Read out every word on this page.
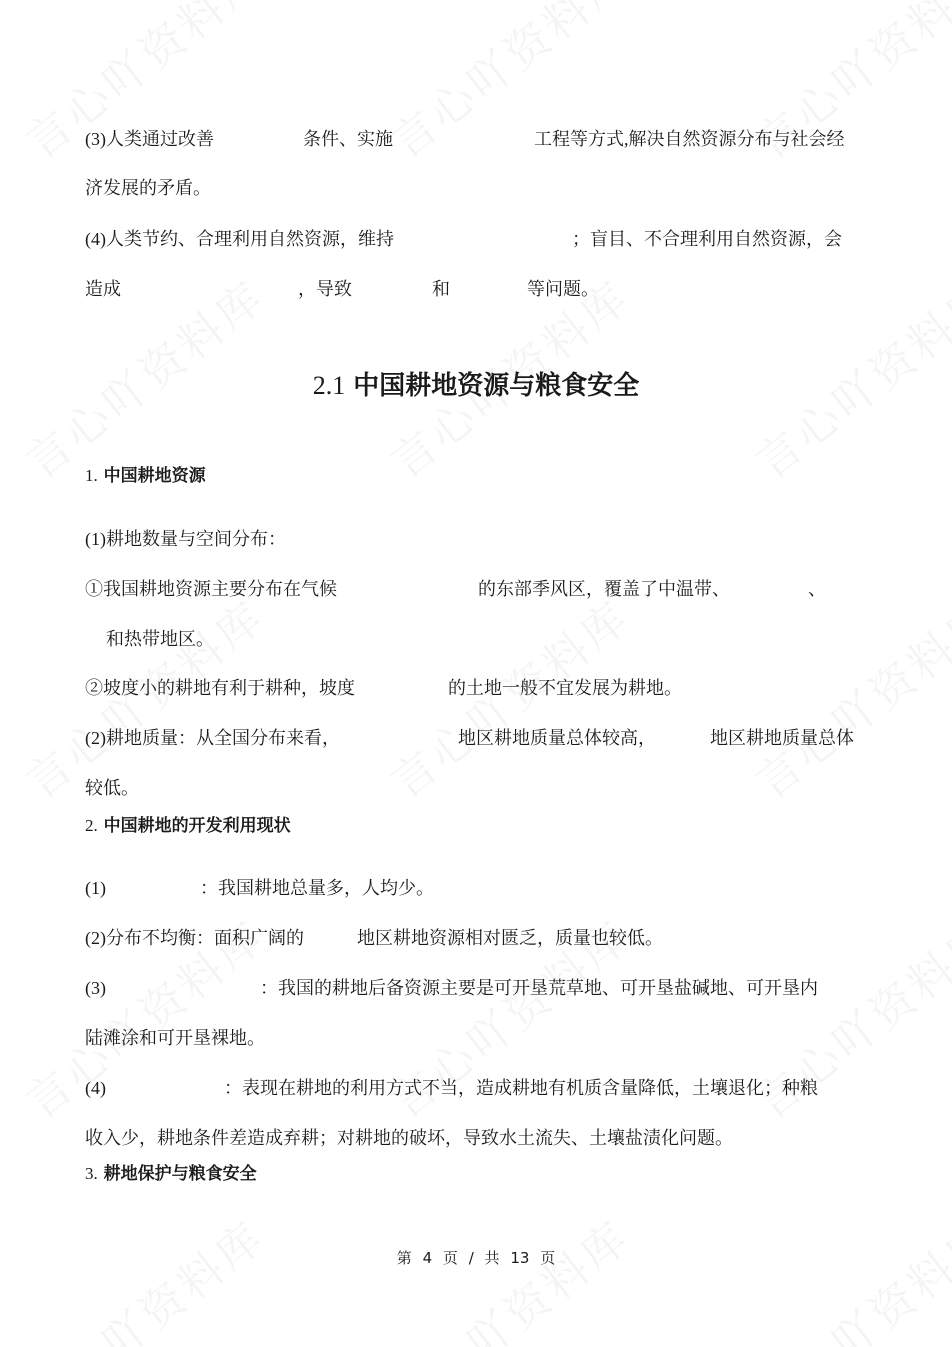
(3)人类通过改善	条件、实施	工程等方式,解决自然资源分布与社会经
济发展的矛盾。
(4)人类节约、合理利用自然资源，维持	；盲目、不合理利用自然资源，会
造成	，导致	和	等问题。
2.1 中国耕地资源与粮食安全
1. 中国耕地资源
(1)耕地数量与空间分布：
①我国耕地资源主要分布在气候	的东部季风区，覆盖了中温带、	、
和热带地区。
②坡度小的耕地有利于耕种，坡度	的土地一般不宜发展为耕地。
(2)耕地质量：从全国分布来看，	地区耕地质量总体较高，	地区耕地质量总体
较低。
2. 中国耕地的开发利用现状
(1)	：我国耕地总量多，人均少。
(2)分布不均衡：面积广阔的	地区耕地资源相对匮乏，质量也较低。
(3)	：我国的耕地后备资源主要是可开垦荒草地、可开垦盐碱地、可开垦内
陆滩涂和可开垦裸地。
(4)	：表现在耕地的利用方式不当，造成耕地有机质含量降低，土壤退化；种粮
收入少，耕地条件差造成弃耕；对耕地的破坏，导致水土流失、土壤盐渍化问题。
3. 耕地保护与粮食安全
第 4 页 / 共 13 页
